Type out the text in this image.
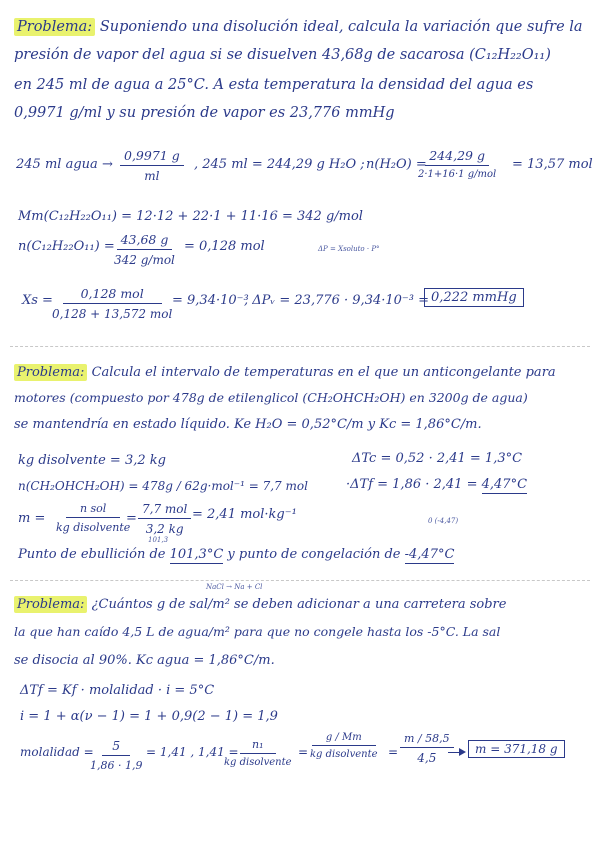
Problema: Suponiendo una disolución ideal, calcula la variación que sufre la
presión de vapor del agua si se disuelven 43,68g de sacarosa (C₁₂H₂₂O₁₁)
en 245 ml de agua a 25°C. A esta temperatura la densidad del agua es
0,9971 g/ml y su presión de vapor es 23,776 mmHg
245 ml agua → $\frac{0,9971 g}{ml}$ , 245 ml = 244,29 g H₂O ; n(H₂O) =
244,29 g
2·1+16·1 g/mol
= 13,57 mol
Mm(C₁₂H₂₂O₁₁) = 12·12 + 22·1 + 11·16 = 342 g/mol
n(C₁₂H₂₂O₁₁) = 43,68 g
342 g/mol
= 0,128 mol	ΔP = Xsoluto · P°
Xs =	0,128 mol
0,128 + 13,572 mol
= 9,34·10⁻³
, ΔPᵥ = 23,776 · 9,34·10⁻³ = 0,222 mmHg
Problema: Calcula el intervalo de temperaturas en el que un anticongelante para
motores (compuesto por 478g de etilenglicol (CH₂OHCH₂OH) en 3200g de agua)
se mantendría en estado líquido. Ke H₂O = 0,52°C/m y Kc = 1,86°C/m.
kg disolvente = 3,2 kg	ΔTc = 0,52 · 2,41 = 1,3°C
n(CH₂OHCH₂OH) = 478g / 62g·mol⁻¹ = 7,7 mol	·ΔTf = 1,86 · 2,41 = 4,47°C
m =
n sol
kg disolvente
=
7,7 mol
3,2 kg
= 2,41 mol·kg⁻¹
101,3
0 (-4,47)
Punto de ebullición de 101,3°C y punto de congelación de -4,47°C
NaCl → Na + Cl
Problema: ¿Cuántos g de sal/m² se deben adicionar a una carretera sobre
la que han caído 4,5 L de agua/m² para que no congele hasta los -5°C. La sal
se disocia al 90%. Kc agua = 1,86°C/m.
ΔTf = Kf · molalidad · i = 5°C
i = 1 + α(ν − 1) = 1 + 0,9(2 − 1) = 1,9
molalidad =
$\frac{5}{1,86 \cdot 1,9} = 1,41$ , 1,41 =
n₁
kg disolvente
=
g / Mm
kg disolvente = $\frac{m / 58,5}{4,5}$	m = 371,18 g
